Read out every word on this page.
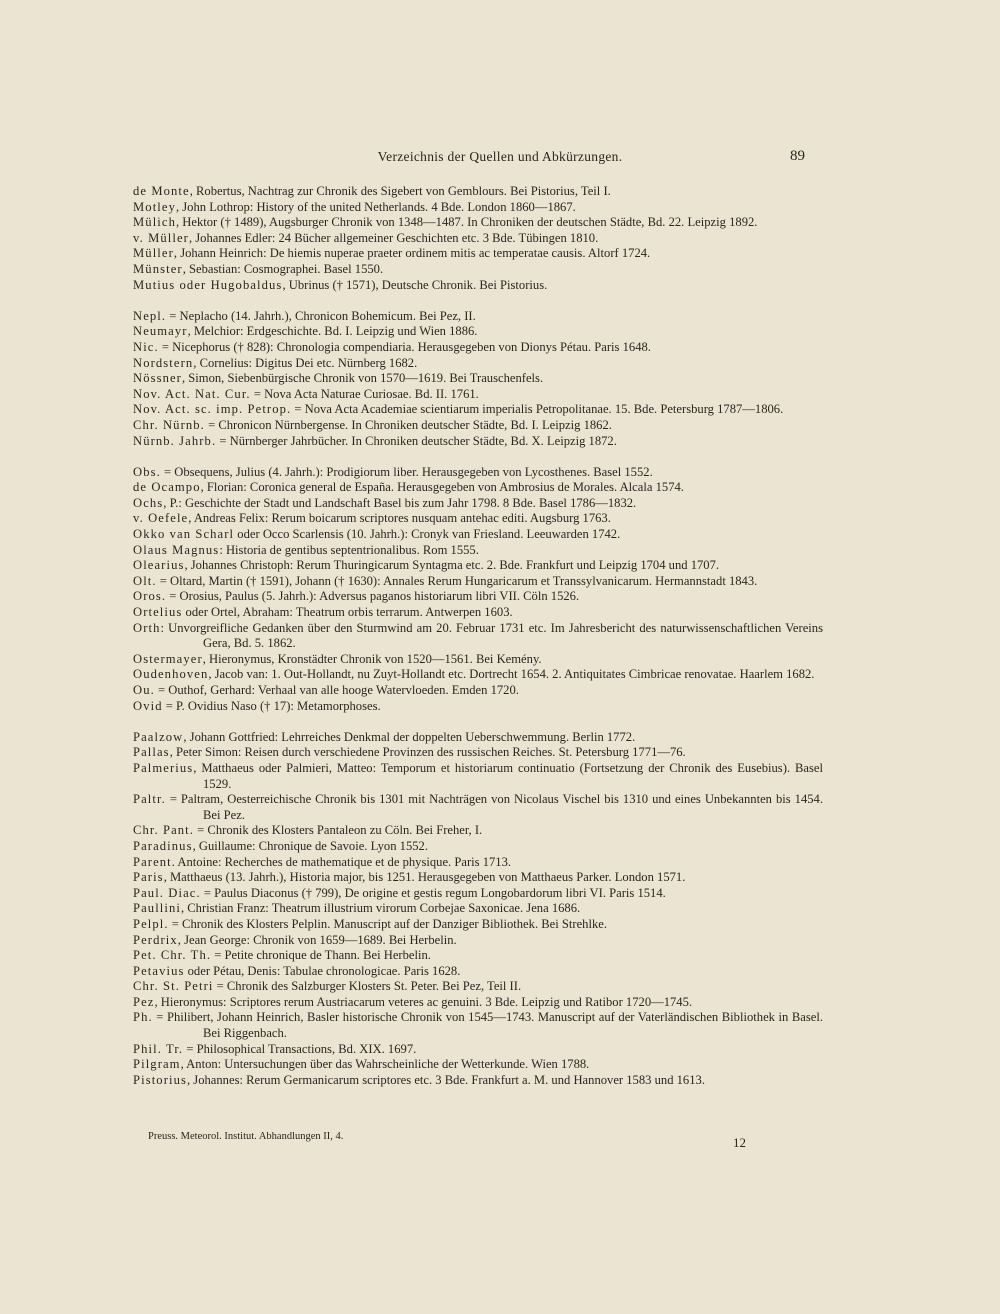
Verzeichnis der Quellen und Abkürzungen.	89
de Monte, Robertus, Nachtrag zur Chronik des Sigebert von Gemblours. Bei Pistorius, Teil I.
Motley, John Lothrop: History of the united Netherlands. 4 Bde. London 1860—1867.
Mülich, Hektor († 1489), Augsburger Chronik von 1348—1487. In Chroniken der deutschen Städte, Bd. 22. Leipzig 1892.
v. Müller, Johannes Edler: 24 Bücher allgemeiner Geschichten etc. 3 Bde. Tübingen 1810.
Müller, Johann Heinrich: De hiemis nuperae praeter ordinem mitis ac temperatae causis. Altorf 1724.
Münster, Sebastian: Cosmographei. Basel 1550.
Mutius oder Hugobaldus, Ubrinus († 1571), Deutsche Chronik. Bei Pistorius.
Nepl. = Neplacho (14. Jahrh.), Chronicon Bohemicum. Bei Pez, II.
Neumayr, Melchior: Erdgeschichte. Bd. I. Leipzig und Wien 1886.
Nic. = Nicephorus († 828): Chronologia compendiaria. Herausgegeben von Dionys Pétau. Paris 1648.
Nordstern, Cornelius: Digitus Dei etc. Nürnberg 1682.
Nössner, Simon, Siebenbürgische Chronik von 1570—1619. Bei Trauschenfels.
Nov. Act. Nat. Cur. = Nova Acta Naturae Curiosae. Bd. II. 1761.
Nov. Act. sc. imp. Petrop. = Nova Acta Academiae scientiarum imperialis Petropolitanae. 15. Bde. Petersburg 1787—1806.
Chr. Nürnb. = Chronicon Nürnbergense. In Chroniken deutscher Städte, Bd. I. Leipzig 1862.
Nürnb. Jahrb. = Nürnberger Jahrbücher. In Chroniken deutscher Städte, Bd. X. Leipzig 1872.
Obs. = Obsequens, Julius (4. Jahrh.): Prodigiorum liber. Herausgegeben von Lycosthenes. Basel 1552.
de Ocampo, Florian: Coronica general de España. Herausgegeben von Ambrosius de Morales. Alcala 1574.
Ochs, P.: Geschichte der Stadt und Landschaft Basel bis zum Jahr 1798. 8 Bde. Basel 1786—1832.
v. Oefele, Andreas Felix: Rerum boicarum scriptores nusquam antehac editi. Augsburg 1763.
Okko van Scharl oder Occo Scarlensis (10. Jahrh.): Cronyk van Friesland. Leeuwarden 1742.
Olaus Magnus: Historia de gentibus septentrionalibus. Rom 1555.
Olearius, Johannes Christoph: Rerum Thuringicarum Syntagma etc. 2. Bde. Frankfurt und Leipzig 1704 und 1707.
Olt. = Oltard, Martin († 1591), Johann († 1630): Annales Rerum Hungaricarum et Transsylvanicarum. Hermannstadt 1843.
Oros. = Orosius, Paulus (5. Jahrh.): Adversus paganos historiarum libri VII. Cöln 1526.
Ortelius oder Ortel, Abraham: Theatrum orbis terrarum. Antwerpen 1603.
Orth: Unvorgreifliche Gedanken über den Sturmwind am 20. Februar 1731 etc. Im Jahresbericht des naturwissenschaftlichen Vereins Gera, Bd. 5. 1862.
Ostermayer, Hieronymus, Kronstädter Chronik von 1520—1561. Bei Kemény.
Oudenhoven, Jacob van: 1. Out-Hollandt, nu Zuyt-Hollandt etc. Dortrecht 1654. 2. Antiquitates Cimbricae renovatae. Haarlem 1682.
Ou. = Outhof, Gerhard: Verhaal van alle hooge Watervloeden. Emden 1720.
Ovid = P. Ovidius Naso († 17): Metamorphoses.
Paalzow, Johann Gottfried: Lehrreiches Denkmal der doppelten Ueberschwemmung. Berlin 1772.
Pallas, Peter Simon: Reisen durch verschiedene Provinzen des russischen Reiches. St. Petersburg 1771—76.
Palmerius, Matthaeus oder Palmieri, Matteo: Temporum et historiarum continuatio (Fortsetzung der Chronik des Eusebius). Basel 1529.
Paltr. = Paltram, Oesterreichische Chronik bis 1301 mit Nachträgen von Nicolaus Vischel bis 1310 und eines Unbekannten bis 1454. Bei Pez.
Chr. Pant. = Chronik des Klosters Pantaleon zu Cöln. Bei Freher, I.
Paradinus, Guillaume: Chronique de Savoie. Lyon 1552.
Parent. Antoine: Recherches de mathematique et de physique. Paris 1713.
Paris, Matthaeus (13. Jahrh.), Historia major, bis 1251. Herausgegeben von Matthaeus Parker. London 1571.
Paul. Diac. = Paulus Diaconus († 799), De origine et gestis regum Longobardorum libri VI. Paris 1514.
Paullini, Christian Franz: Theatrum illustrium virorum Corbejae Saxonicae. Jena 1686.
Pelpl. = Chronik des Klosters Pelplin. Manuscript auf der Danziger Bibliothek. Bei Strehlke.
Perdrix, Jean George: Chronik von 1659—1689. Bei Herbelin.
Pet. Chr. Th. = Petite chronique de Thann. Bei Herbelin.
Petavius oder Pétau, Denis: Tabulae chronologicae. Paris 1628.
Chr. St. Petri = Chronik des Salzburger Klosters St. Peter. Bei Pez, Teil II.
Pez, Hieronymus: Scriptores rerum Austriacarum veteres ac genuini. 3 Bde. Leipzig und Ratibor 1720—1745.
Ph. = Philibert, Johann Heinrich, Basler historische Chronik von 1545—1743. Manuscript auf der Vaterländischen Bibliothek in Basel. Bei Riggenbach.
Phil. Tr. = Philosophical Transactions, Bd. XIX. 1697.
Pilgram, Anton: Untersuchungen über das Wahrscheinliche der Wetterkunde. Wien 1788.
Pistorius, Johannes: Rerum Germanicarum scriptores etc. 3 Bde. Frankfurt a. M. und Hannover 1583 und 1613.
Preuss. Meteorol. Institut. Abhandlungen II, 4.	12
